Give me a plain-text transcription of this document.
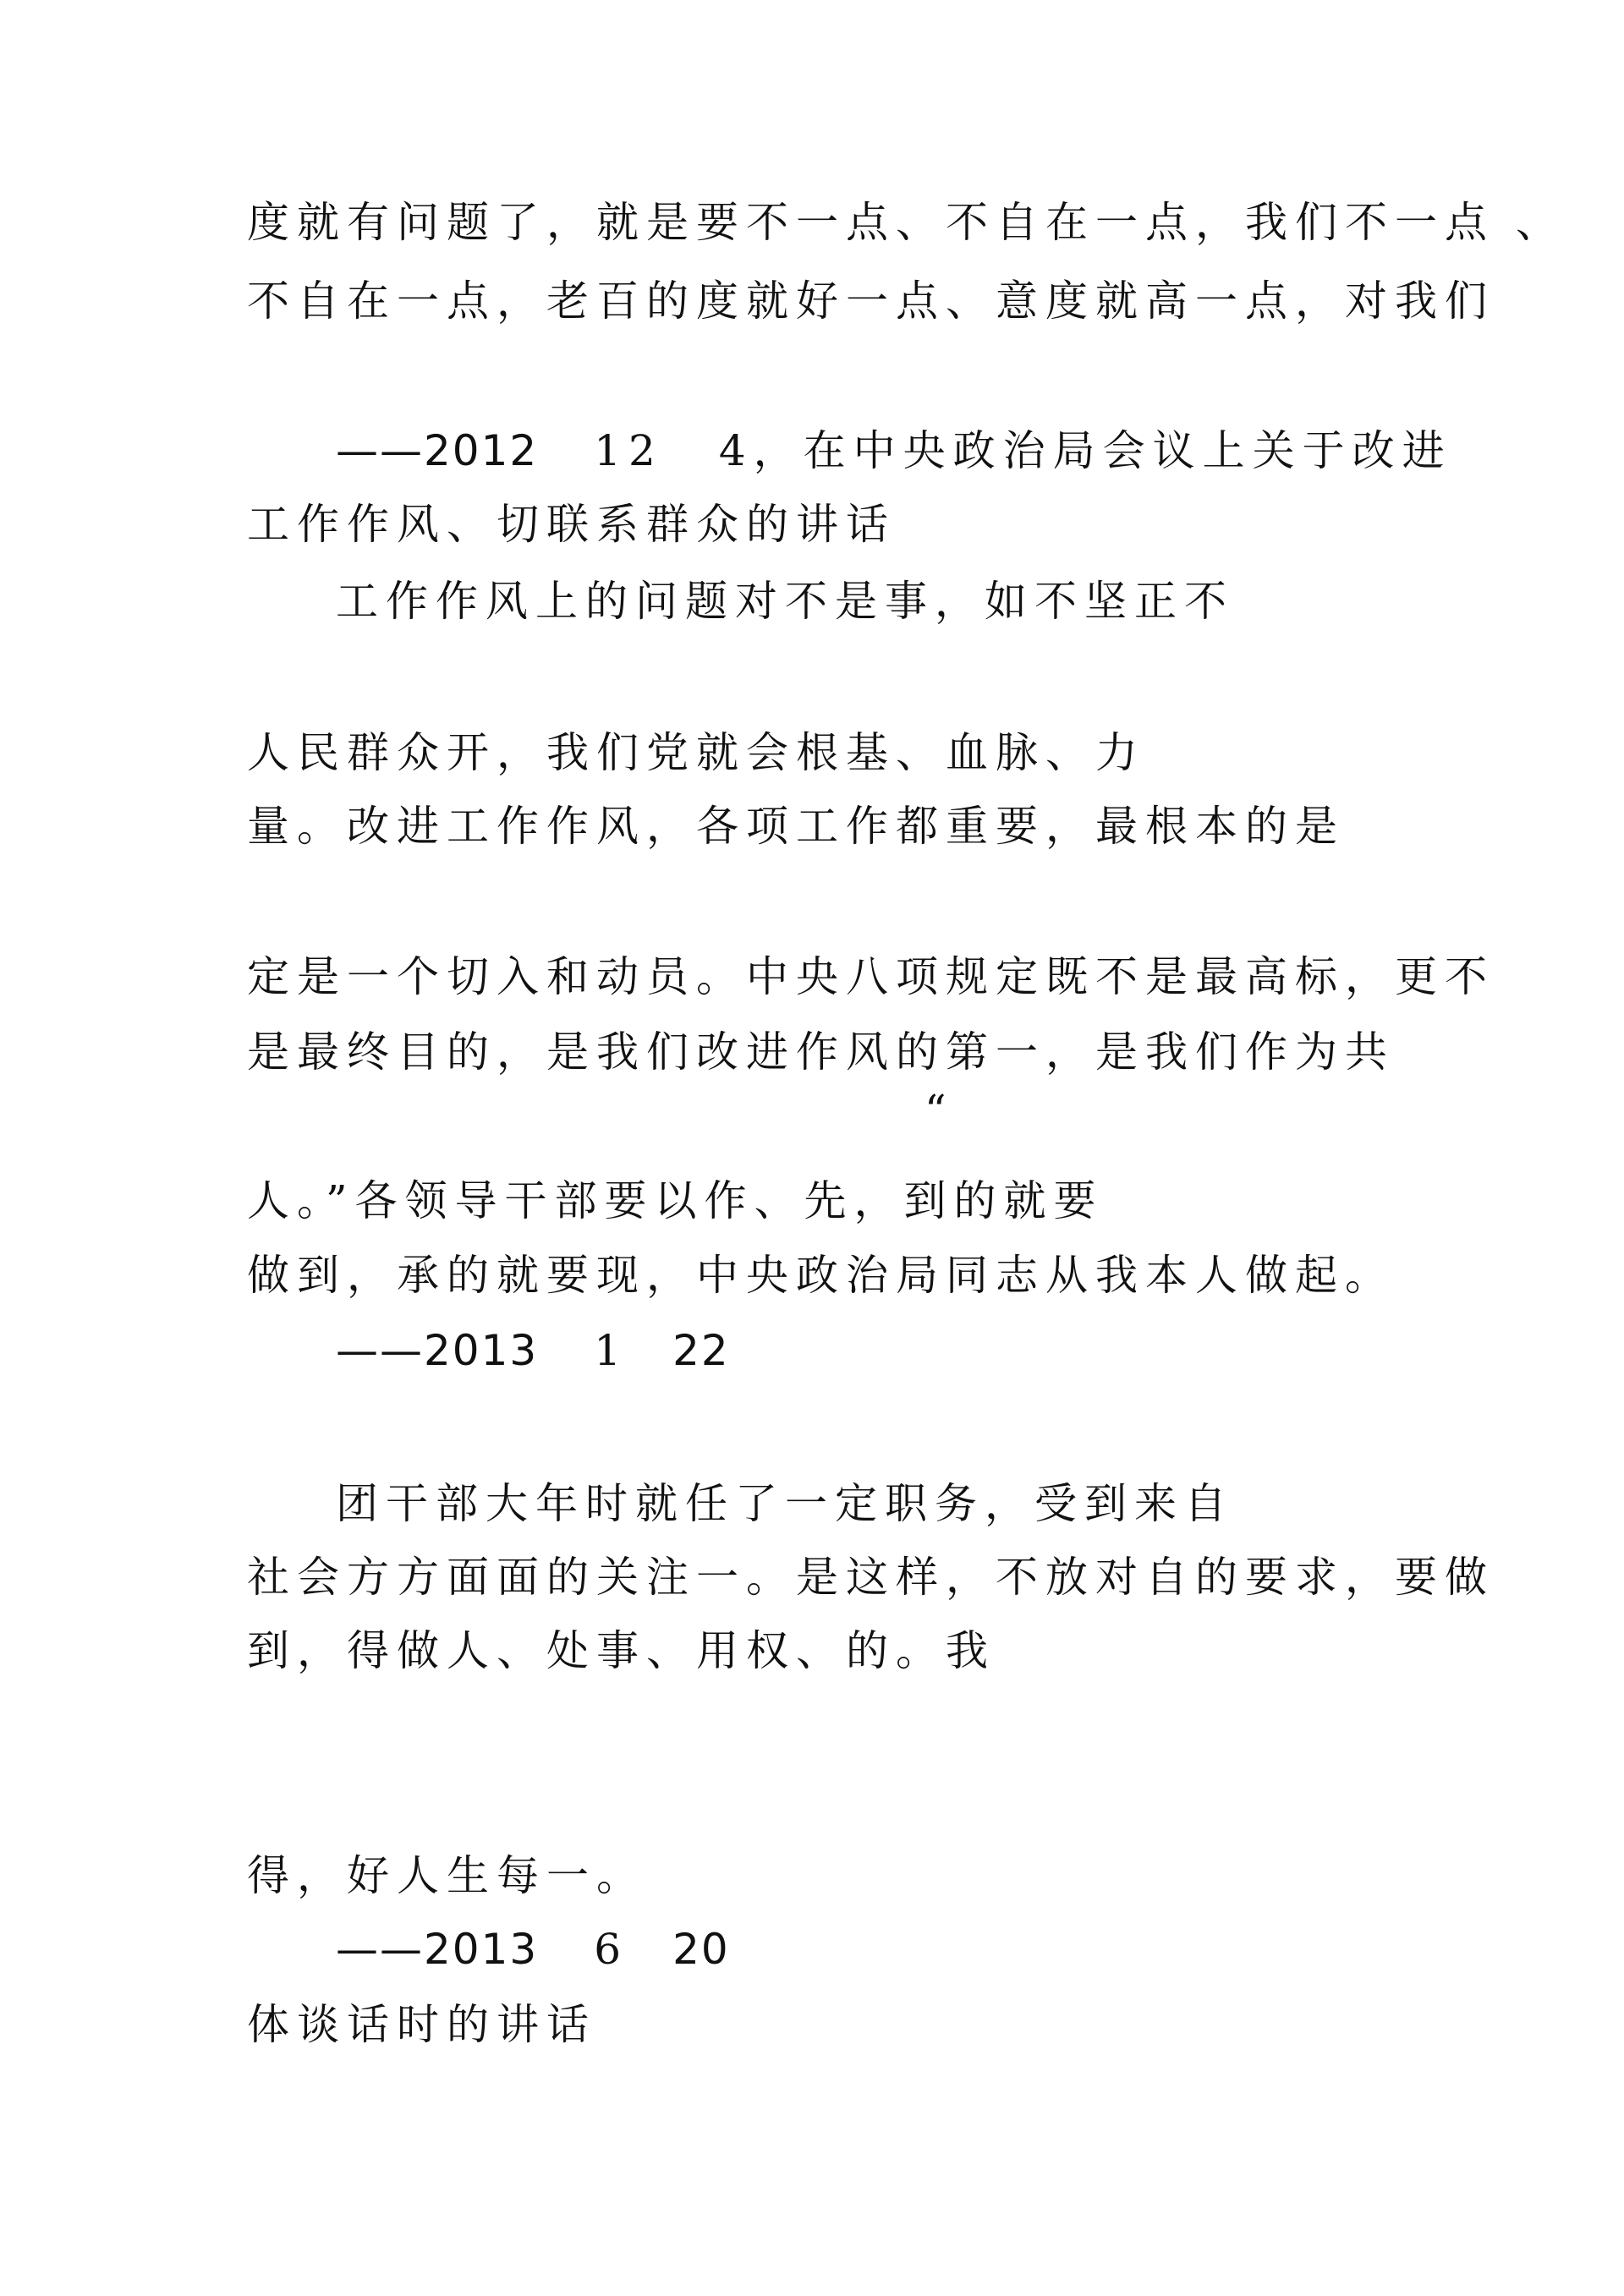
度就有问题了，就是要不一点、不自在一点，我们不一点 、
不自在一点，老百的度就好一点、意度就高一点，对我们
——2012 12 4，在中央政治局会议上关于改进
工作作风、切联系群众的讲话
工作作风上的问题对不是事，如不坚正不
人民群众开，我们党就会根基、血脉、力
量。改进工作作风，各项工作都重要，最根本的是
定是一个切入和动员。中央八项规定既不是最高标，更不
是最终目的，是我们改进作风的第一，是我们作为共
“
人。”各领导干部要以作、先，到的就要
做到，承的就要现，中央政治局同志从我本人做起。
——2013 1 22
团干部大年时就任了一定职务，受到来自
社会方方面面的关注一。是这样，不放对自的要求，要做
到，得做人、处事、用权、的。我
得，好人生每一。
——2013 6 20
体谈话时的讲话
